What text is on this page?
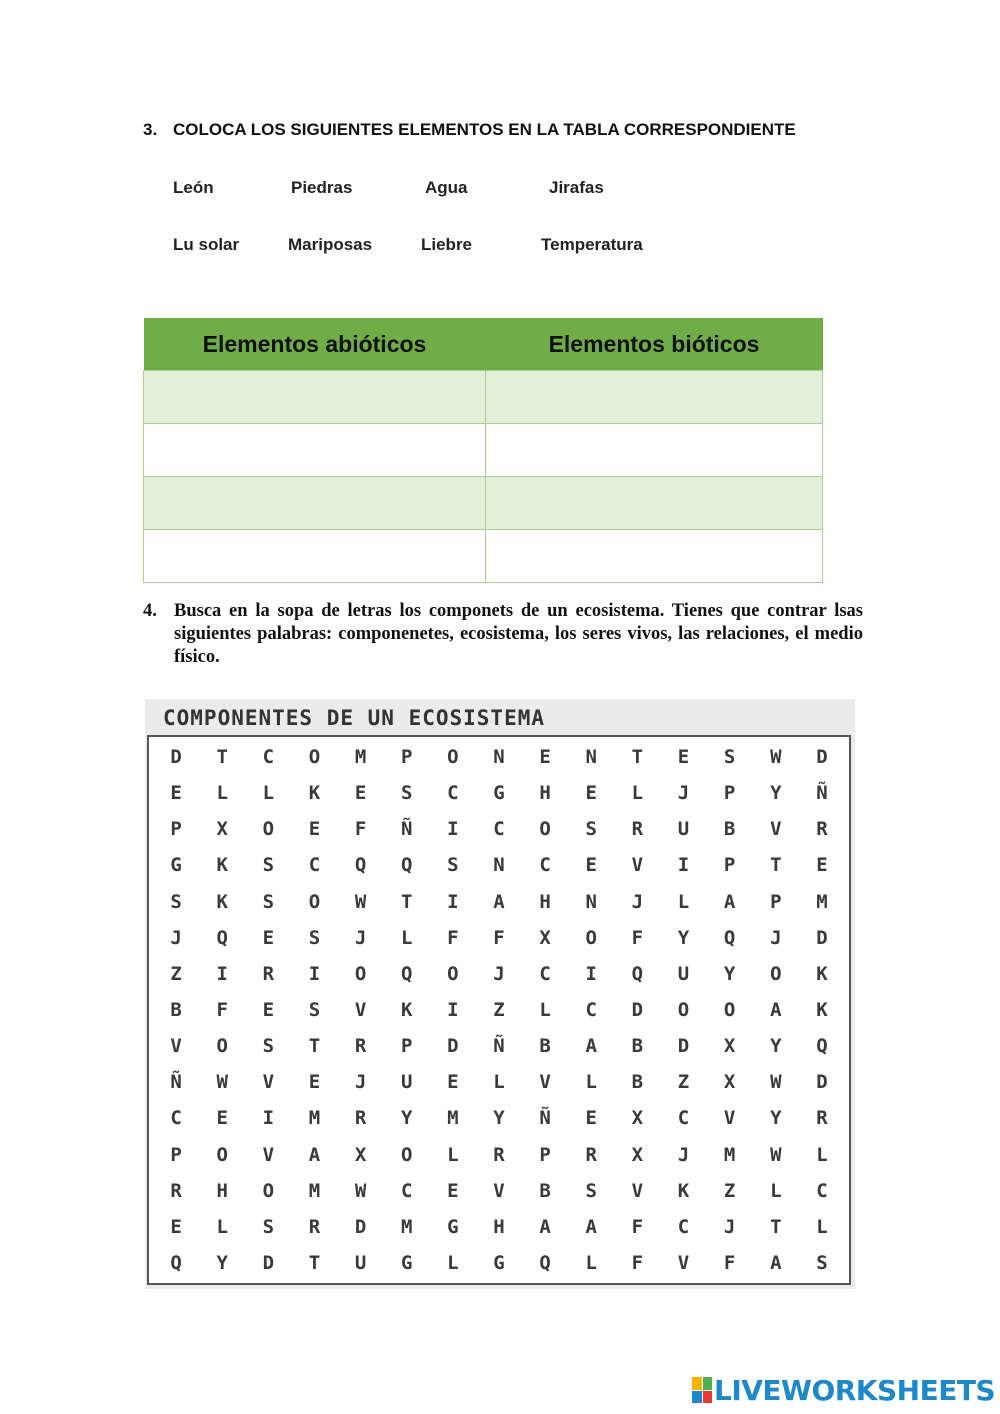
3. COLOCA LOS SIGUIENTES ELEMENTOS EN LA TABLA CORRESPONDIENTE
León	Piedras	Agua	Jirafas
Lu solar	Mariposas	Liebre	Temperatura
Elementos abióticos	Elementos bióticos

4. Busca en la sopa de letras los componets de un ecosistema. Tienes que contrar lsas siguientes palabras: componenetes, ecosistema, los seres vivos, las relaciones, el medio físico.
COMPONENTES DE UN ECOSISTEMA
D	T	C	O	M	P	O	N	E	N	T	E	S	W	D
E	L	L	K	E	S	C	G	H	E	L	J	P	Y	Ñ
P	X	O	E	F	Ñ	I	C	O	S	R	U	B	V	R
G	K	S	C	Q	Q	S	N	C	E	V	I	P	T	E
S	K	S	O	W	T	I	A	H	N	J	L	A	P	M
J	Q	E	S	J	L	F	F	X	O	F	Y	Q	J	D
Z	I	R	I	O	Q	O	J	C	I	Q	U	Y	O	K
B	F	E	S	V	K	I	Z	L	C	D	O	O	A	K
V	O	S	T	R	P	D	Ñ	B	A	B	D	X	Y	Q
Ñ	W	V	E	J	U	E	L	V	L	B	Z	X	W	D
C	E	I	M	R	Y	M	Y	Ñ	E	X	C	V	Y	R
P	O	V	A	X	O	L	R	P	R	X	J	M	W	L
R	H	O	M	W	C	E	V	B	S	V	K	Z	L	C
E	L	S	R	D	M	G	H	A	A	F	C	J	T	L
Q	Y	D	T	U	G	L	G	Q	L	F	V	F	A	S
LIVEWORKSHEETS
